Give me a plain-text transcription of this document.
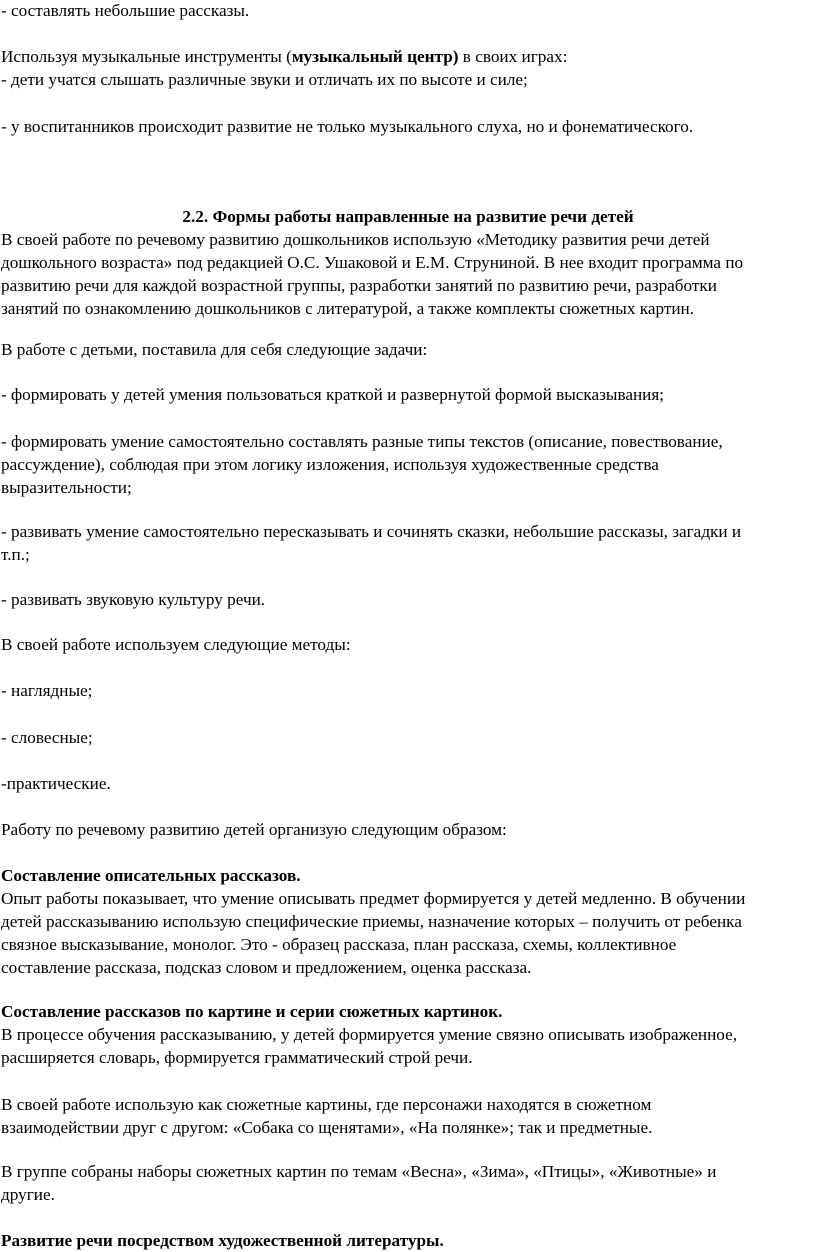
- составлять небольшие рассказы.
Используя музыкальные инструменты (музыкальный центр) в своих играх:
- дети учатся слышать различные звуки и отличать их по высоте и силе;
- у воспитанников происходит развитие не только музыкального слуха, но и фонематического.
2.2. Формы работы направленные на развитие речи детей
В своей работе по речевому развитию дошкольников использую «Методику развития речи детей
дошкольного возраста» под редакцией О.С. Ушаковой и Е.М. Струниной. В нее входит программа по
развитию речи для каждой возрастной группы, разработки занятий по развитию речи, разработки
занятий по ознакомлению дошкольников с литературой, а также комплекты сюжетных картин.
В работе с детьми, поставила для себя следующие задачи:
- формировать у детей умения пользоваться краткой и развернутой формой высказывания;
- формировать умение самостоятельно составлять разные типы текстов (описание, повествование,
рассуждение), соблюдая при этом логику изложения, используя художественные средства
выразительности;
- развивать умение самостоятельно пересказывать и сочинять сказки, небольшие рассказы, загадки и
т.п.;
- развивать звуковую культуру речи.
В своей работе используем следующие методы:
- наглядные;
- словесные;
-практические.
Работу по речевому развитию детей организую следующим образом:
Составление описательных рассказов.
Опыт работы показывает, что умение описывать предмет формируется у детей медленно. В обучении
детей рассказыванию использую специфические приемы, назначение которых – получить от ребенка
связное высказывание, монолог. Это - образец рассказа, план рассказа, схемы, коллективное
составление рассказа, подсказ словом и предложением, оценка рассказа.
Составление рассказов по картине и серии сюжетных картинок.
В процессе обучения рассказыванию, у детей формируется умение связно описывать изображенное,
расширяется словарь, формируется грамматический строй речи.
В своей работе использую как сюжетные картины, где персонажи находятся в сюжетном
взаимодействии друг с другом: «Собака со щенятами», «На полянке»; так и предметные.
В группе собраны наборы сюжетных картин по темам «Весна», «Зима», «Птицы», «Животные» и
другие.
Развитие речи посредством художественной литературы.
